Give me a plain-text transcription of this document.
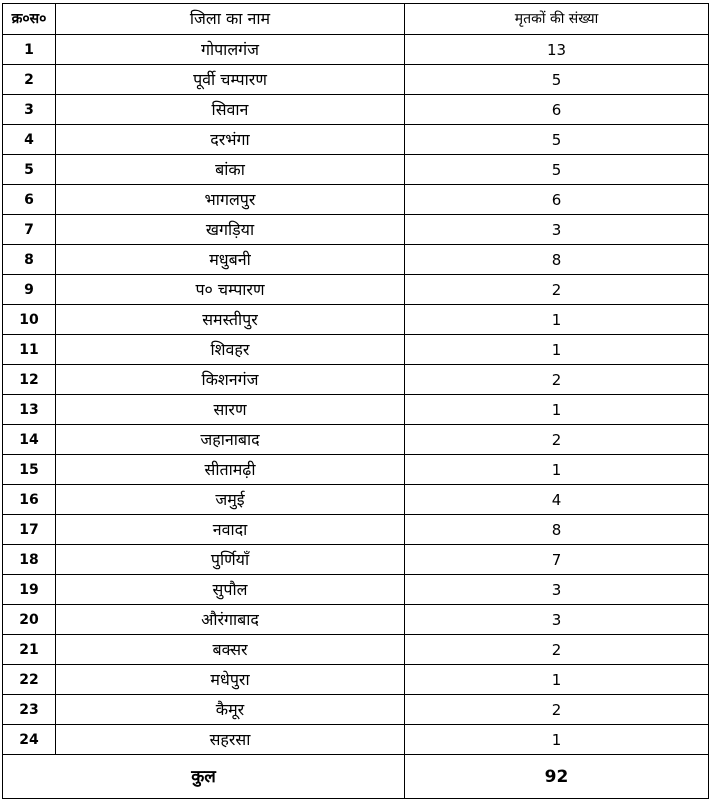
क्र०स०	जिला का नाम	मृतकों की संख्या
1	गोपालगंज	13
2	पूर्वी चम्पारण	5
3	सिवान	6
4	दरभंगा	5
5	बांका	5
6	भागलपुर	6
7	खगड़िया	3
8	मधुबनी	8
9	प० चम्पारण	2
10	समस्तीपुर	1
11	शिवहर	1
12	किशनगंज	2
13	सारण	1
14	जहानाबाद	2
15	सीतामढ़ी	1
16	जमुई	4
17	नवादा	8
18	पुर्णियाँ	7
19	सुपौल	3
20	औरंगाबाद	3
21	बक्सर	2
22	मधेपुरा	1
23	कैमूर	2
24	सहरसा	1
कुल		92
